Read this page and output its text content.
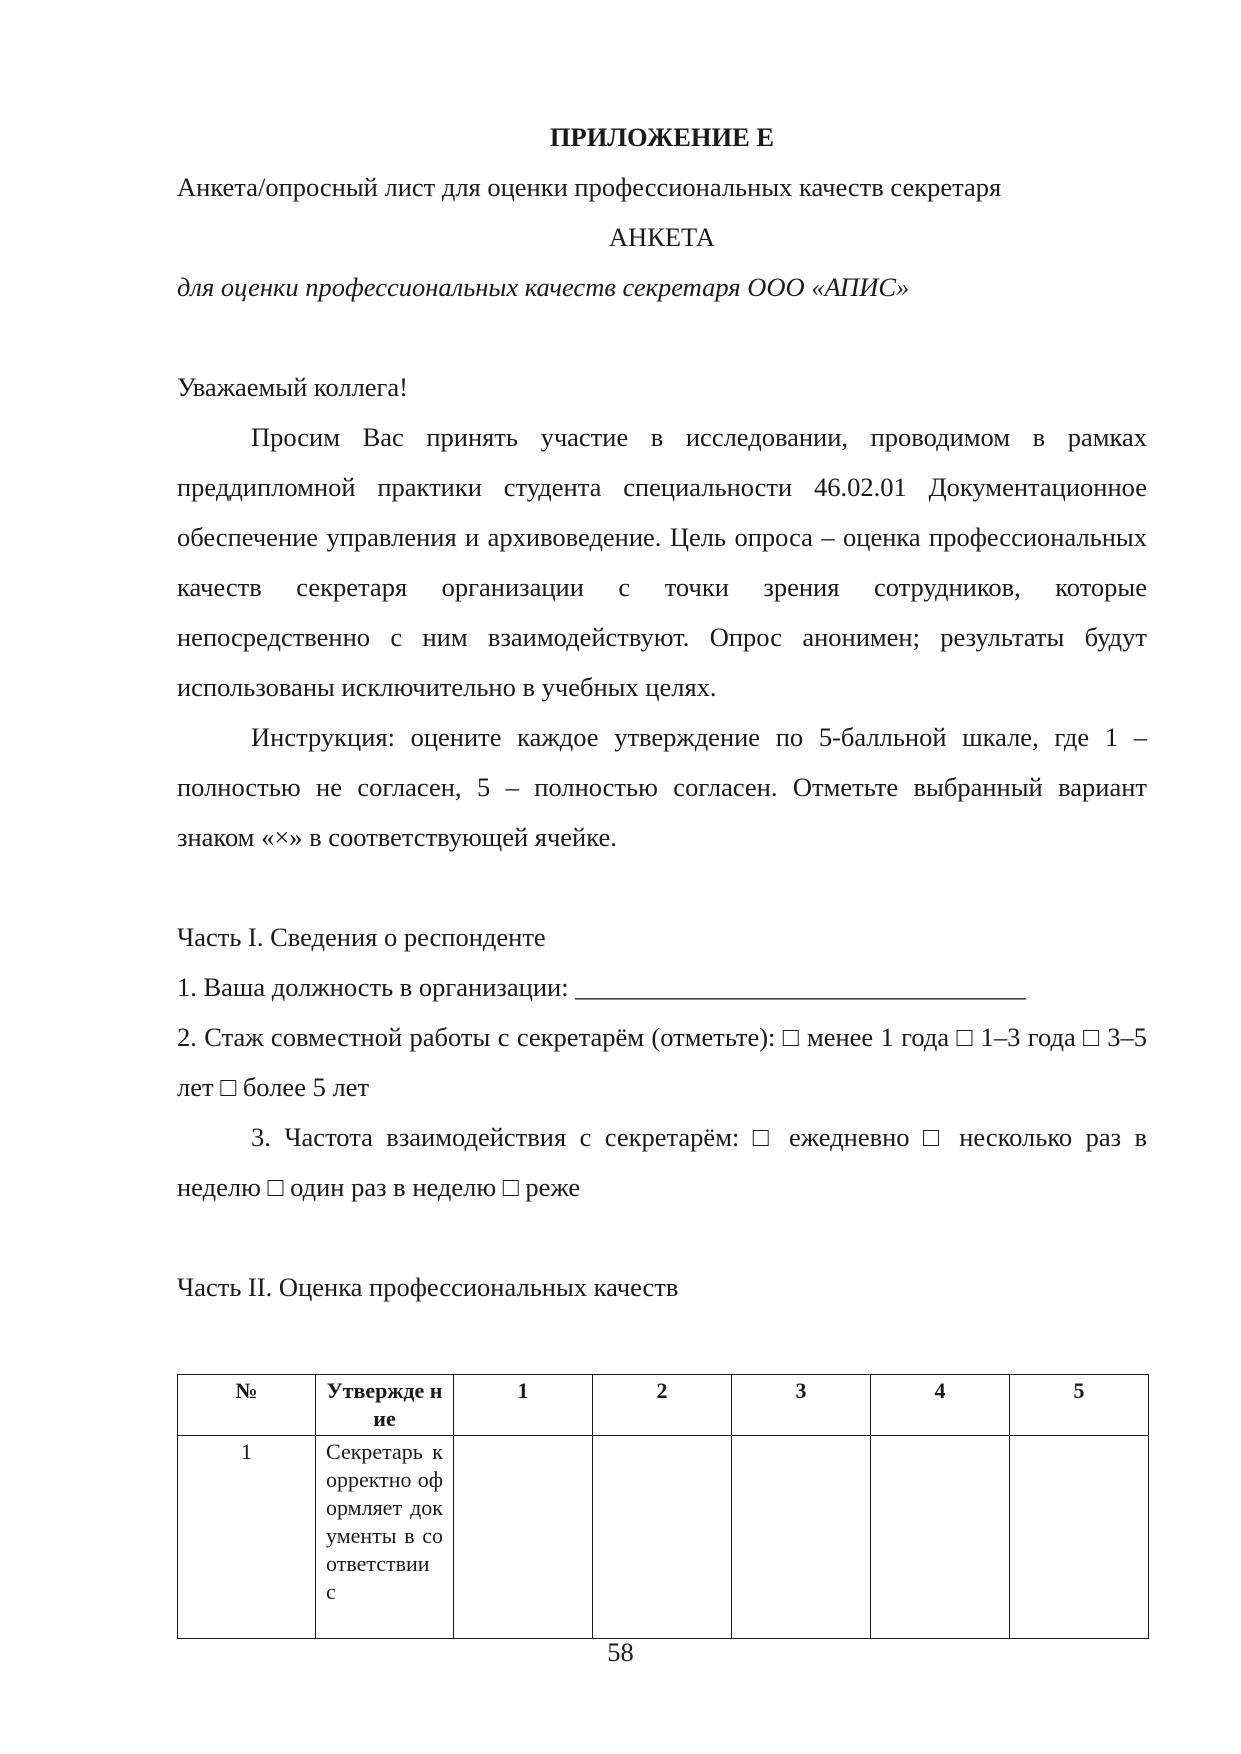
ПРИЛОЖЕНИЕ Е

Анкета/опросный лист для оценки профессиональных качеств секретаря

АНКЕТА

для оценки профессиональных качеств секретаря ООО «АПИС»

Уважаемый коллега!

Просим Вас принять участие в исследовании, проводимом в рамках преддипломной практики студента специальности 46.02.01 Документационное обеспечение управления и архивоведение. Цель опроса – оценка профессиональных качеств секретаря организации с точки зрения сотрудников, которые непосредственно с ним взаимодействуют. Опрос анонимен; результаты будут использованы исключительно в учебных целях.

Инструкция: оцените каждое утверждение по 5-балльной шкале, где 1 – полностью не согласен, 5 – полностью согласен. Отметьте выбранный вариант знаком «×» в соответствующей ячейке.

Часть I. Сведения о респонденте

1. Ваша должность в организации: __________________________________

2. Стаж совместной работы с секретарём (отметьте): □ менее 1 года □ 1–3 года □ 3–5 лет □ более 5 лет

3. Частота взаимодействия с секретарём: □ ежедневно □ несколько раз в неделю □ один раз в неделю □ реже

Часть II. Оценка профессиональных качеств

№	Утвержде ние	1	2	3	4	5
1	Секретарь корректно оформляет документы в соответствии с					

58
